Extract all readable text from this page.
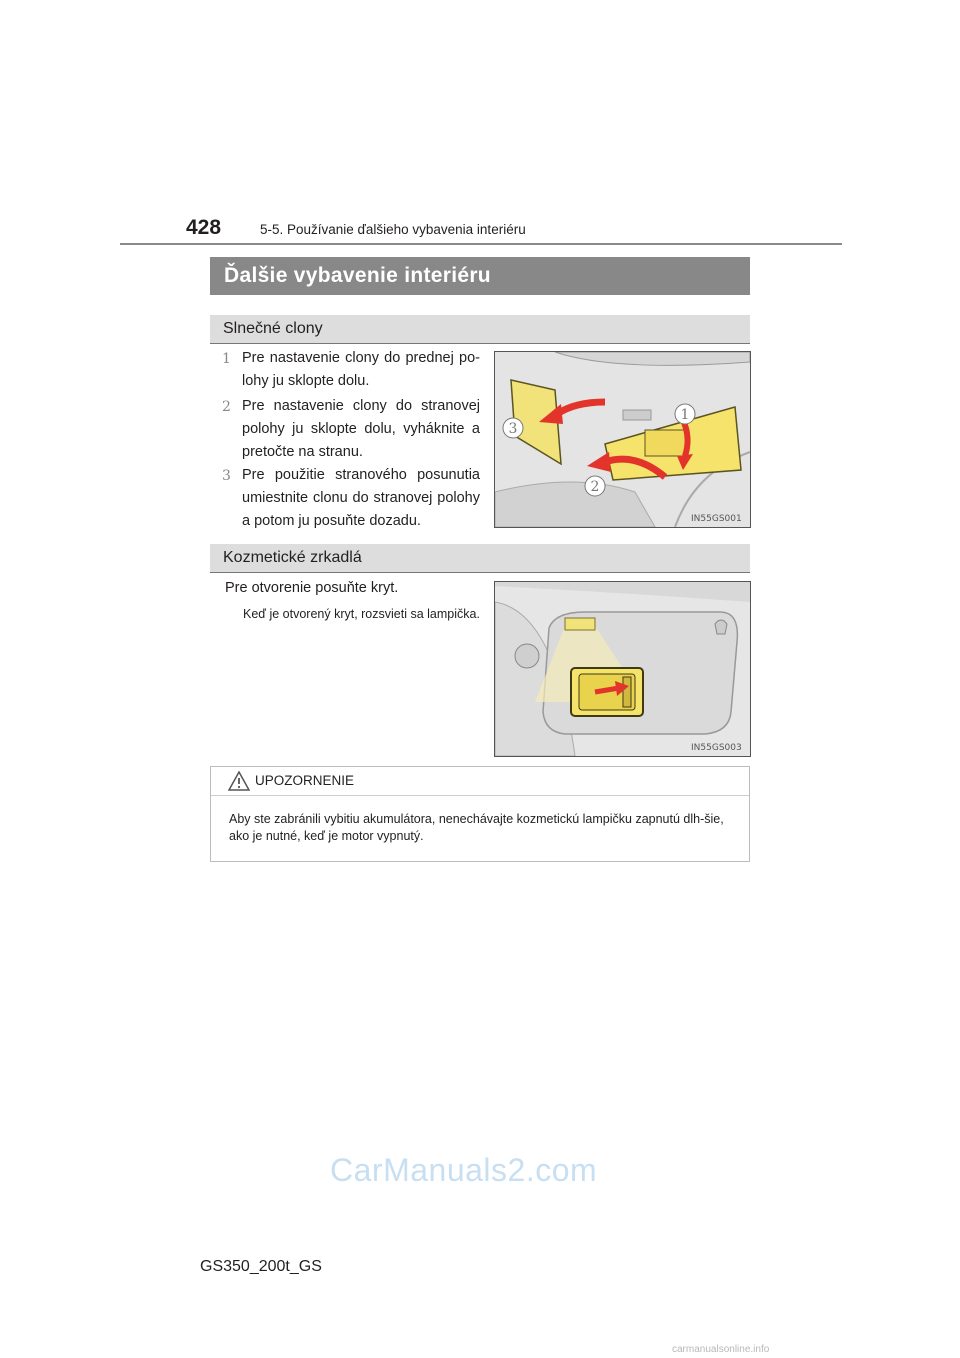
428	5-5. Používanie ďalšieho vybavenia interiéru
Ďalšie vybavenie interiéru
Slnečné clony
1 Pre nastavenie clony do prednej po-lohy ju sklopte dolu.
2 Pre nastavenie clony do stranovej polohy ju sklopte dolu, vyháknite a pretočte na stranu.
3 Pre použitie stranového posunutia umiestnite clonu do stranovej polohy a potom ju posuňte dozadu.
1
2
3
IN55GS001
Kozmetické zrkadlá
Pre otvorenie posuňte kryt.
Keď je otvorený kryt, rozsvieti sa lampička.
IN55GS003
UPOZORNENIE
Aby ste zabránili vybitiu akumulátora, nenechávajte kozmetickú lampičku zapnutú dlh-šie, ako je nutné, keď je motor vypnutý.
GS350_200t_GS
CarManuals2.com
carmanualsonline.info
